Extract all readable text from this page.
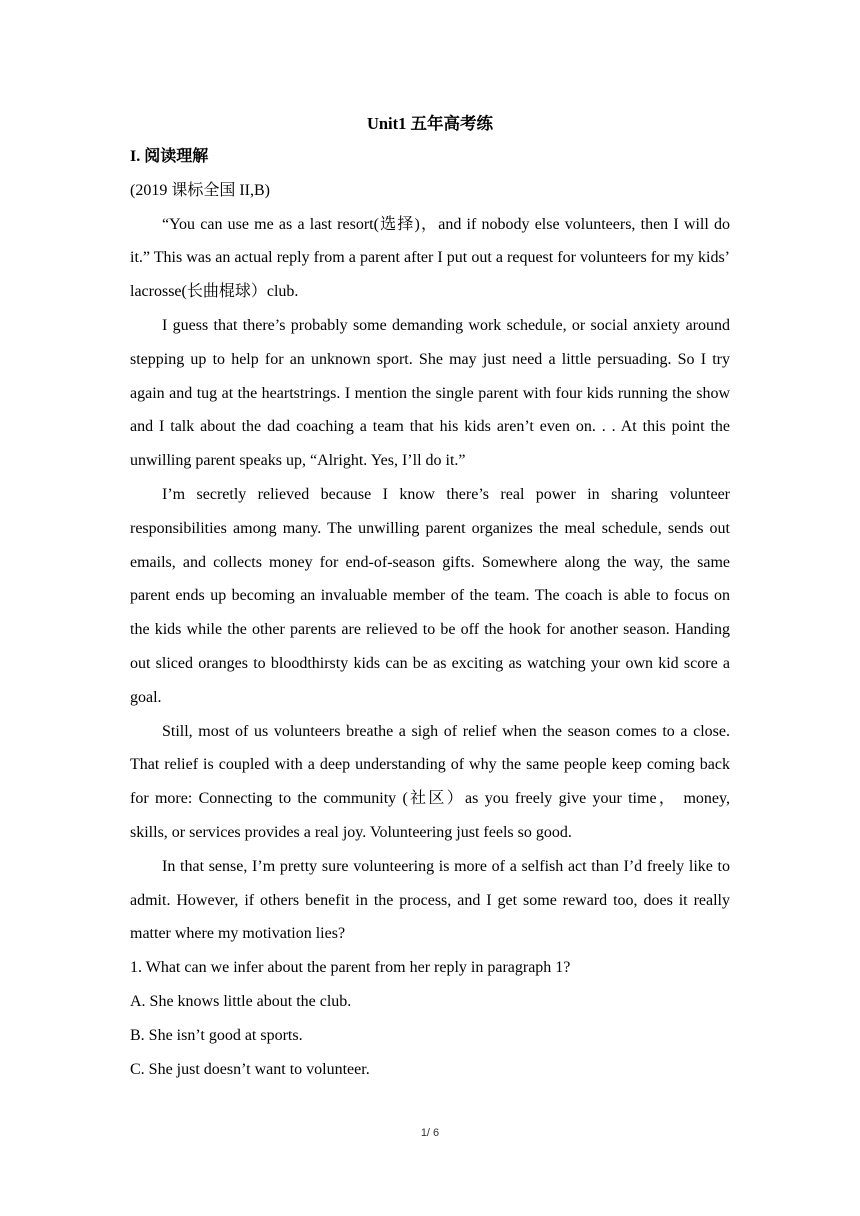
Unit1 五年高考练

I. 阅读理解

(2019 课标全国 II,B)

“You can use me as a last resort(选择)，and if nobody else volunteers, then I will do it.” This was an actual reply from a parent after I put out a request for volunteers for my kids’ lacrosse(长曲棍球）club.

I guess that there’s probably some demanding work schedule, or social anxiety around stepping up to help for an unknown sport. She may just need a little persuading. So I try again and tug at the heartstrings. I mention the single parent with four kids running the show and I talk about the dad coaching a team that his kids aren’t even on. . . At this point the unwilling parent speaks up, “Alright. Yes, I’ll do it.”

I’m secretly relieved because I know there’s real power in sharing volunteer responsibilities among many. The unwilling parent organizes the meal schedule, sends out emails, and collects money for end-of-season gifts. Somewhere along the way, the same parent ends up becoming an invaluable member of the team. The coach is able to focus on the kids while the other parents are relieved to be off the hook for another season. Handing out sliced oranges to bloodthirsty kids can be as exciting as watching your own kid score a goal.

Still, most of us volunteers breathe a sigh of relief when the season comes to a close. That relief is coupled with a deep understanding of why the same people keep coming back for more: Connecting to the community (社区）as you freely give your time， money, skills, or services provides a real joy. Volunteering just feels so good.

In that sense, I’m pretty sure volunteering is more of a selfish act than I’d freely like to admit. However, if others benefit in the process, and I get some reward too, does it really matter where my motivation lies?

1. What can we infer about the parent from her reply in paragraph 1?

A. She knows little about the club.

B. She isn’t good at sports.

C. She just doesn’t want to volunteer.

1/ 6
